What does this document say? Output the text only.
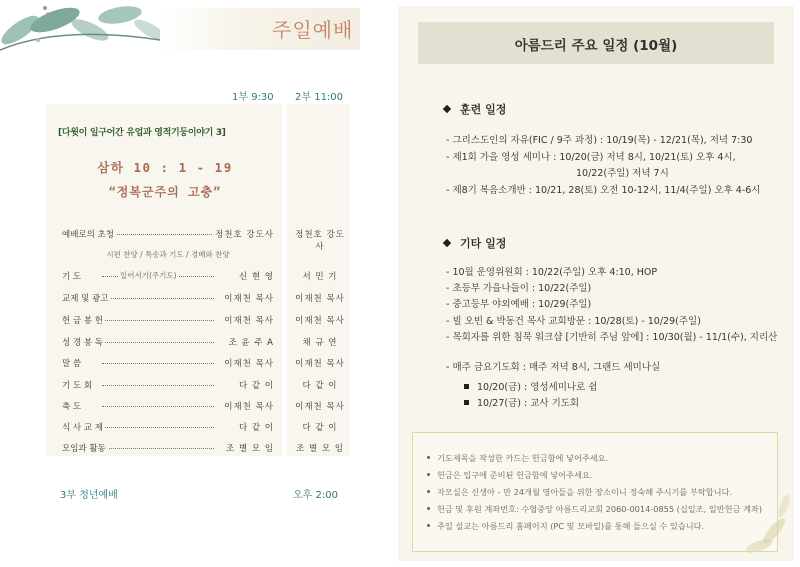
주일예배
1부 9:30 2부 11:00
[다윗이 일구어간 유업과 영적기둥이야기 3]
삼하 10 : 1 - 19
“정복군주의 고충”
시편 찬양 / 특송과 기도 / 경배와 찬양
3부 청년예배	오후 2:00
예배로의 초청	정천호 강도사	정천호 강도사
기 도	일어서기(주기도)	신 현 영	서 민 기
교제 및 광고	이재천 목사	이재천 목사
헌 금 봉 헌	이재천 목사	이재천 목사
성 경 봉 독	조 윤 주 A	채 규 연
말 씀	이재천 목사	이재천 목사
기 도 회	다 같 이	다 같 이
축 도	이재천 목사	이재천 목사
식 사 교 제	다 같 이	다 같 이
모임과 활동	조 별 모 임	조 별 모 임
아름드리 주요 일정 (10월)
훈련 일정
- 그리스도인의 자유(FIC / 9주 과정) : 10/19(목) - 12/21(목), 저녁 7:30
- 제1회 가을 영성 세미나 : 10/20(금) 저녁 8시, 10/21(토) 오후 4시,
10/22(주일) 저녁 7시
- 제8기 복음소개반 : 10/21, 28(토) 오전 10-12시, 11/4(주일) 오후 4-6시
기타 일정
- 10월 운영위원회 : 10/22(주일) 오후 4:10, HOP
- 초등부 가을나들이 : 10/22(주일)
- 중고등부 야외예배 : 10/29(주일)
- 빌 오빈 & 박동건 목사 교회방문 : 10/28(토) - 10/29(주일)
- 목회자를 위한 침묵 워크샵 [기반히 주님 앞에] : 10/30(월) - 11/1(수), 지리산
- 매주 금요기도회 : 매주 저녁 8시, 그랜드 세미나실
10/20(금) : 영성세미나로 쉼
10/27(금) : 교사 기도회
기도제목을 작성한 카드는 헌금함에 넣어주세요.
헌금은 입구에 준비된 헌금함에 넣어주세요.
자모실은 신생아 - 만 24개월 영아들을 위한 장소이니 정숙해 주시기를 부탁합니다.
헌금 및 후원 계좌번호: 수협중앙 아름드리교회 2060-0014-0855 (십일조, 일반헌금 계좌)
주일 설교는 아름드리 홈페이지 (PC 및 모바일)를 통해 들으실 수 있습니다.
